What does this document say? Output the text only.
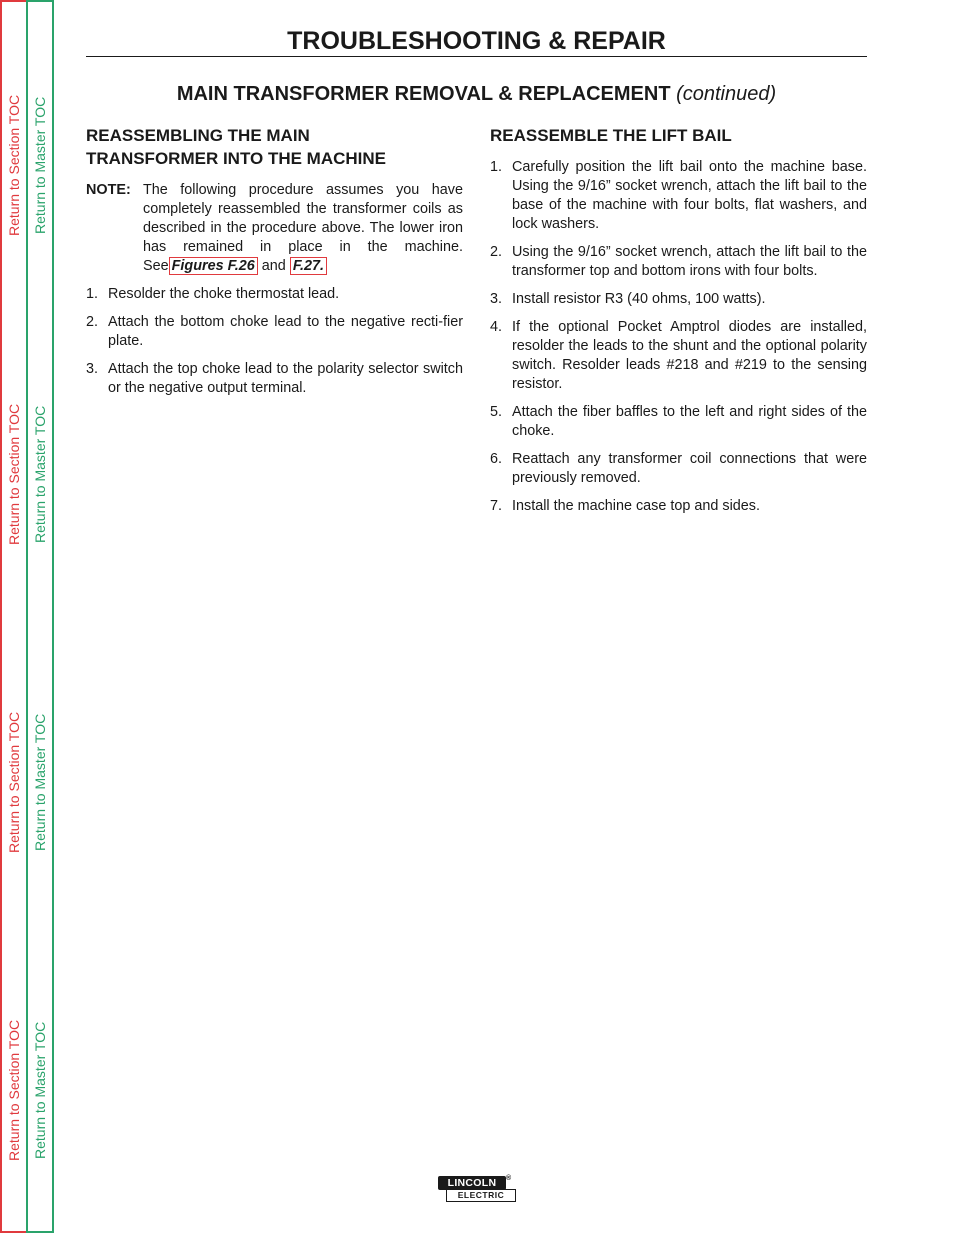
Return to Section TOC Return to Master TOC
Return to Section TOC Return to Master TOC
Return to Section TOC Return to Master TOC
Return to Section TOC Return to Master TOC
TROUBLESHOOTING & REPAIR
MAIN TRANSFORMER REMOVAL & REPLACEMENT (continued)
REASSEMBLING THE MAIN
TRANSFORMER INTO THE MACHINE
NOTE: The following procedure assumes you have completely reassembled the transformer coils as described in the procedure above. The lower iron has remained in place in the machine. See Figures F.26 and F.27.
1. Resolder the choke thermostat lead.
2. Attach the bottom choke lead to the negative recti-fier plate.
3. Attach the top choke lead to the polarity selector switch or the negative output terminal.
REASSEMBLE THE LIFT BAIL
1. Carefully position the lift bail onto the machine base. Using the 9/16” socket wrench, attach the lift bail to the base of the machine with four bolts, flat washers, and lock washers.
2. Using the 9/16” socket wrench, attach the lift bail to the transformer top and bottom irons with four bolts.
3. Install resistor R3 (40 ohms, 100 watts).
4. If the optional Pocket Amptrol diodes are installed, resolder the leads to the shunt and the optional polarity switch. Resolder leads #218 and #219 to the sensing resistor.
5. Attach the fiber baffles to the left and right sides of the choke.
6. Reattach any transformer coil connections that were previously removed.
7. Install the machine case top and sides.
LINCOLN	®
ELECTRIC
